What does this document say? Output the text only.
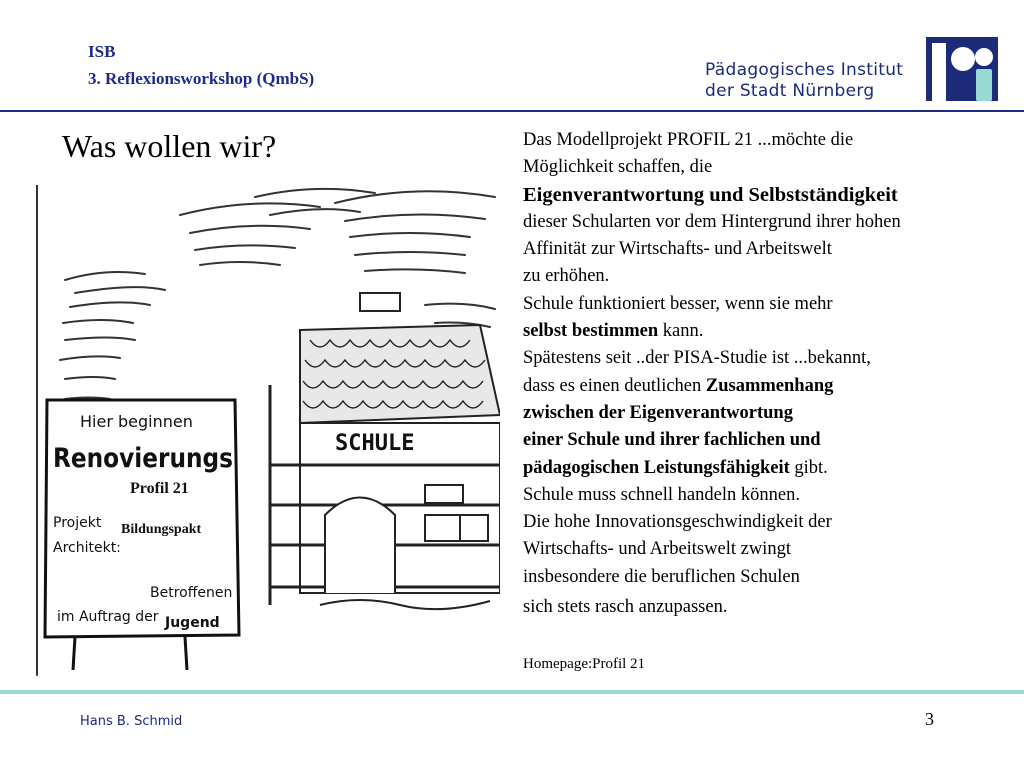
ISB
3. Reflexionsworkshop (QmbS)	Pädagogisches Institut
der Stadt Nürnberg
Was wollen wir?
SCHULE
Hier beginnen
Renovierungs
Projekt
Architekt:
Betroffenen
im Auftrag der Jugend
Profil 21
Bildungspakt
Das Modellprojekt PROFIL 21 ...möchte die
Möglichkeit schaffen, die
Eigenverantwortung und Selbstständigkeit
dieser Schularten vor dem Hintergrund ihrer hohen
Affinität zur Wirtschafts- und Arbeitswelt
zu erhöhen.
Schule funktioniert besser, wenn sie mehr
selbst bestimmen kann.
Spätestens seit ..der PISA-Studie ist ...bekannt,
dass es einen deutlichen Zusammenhang
zwischen der Eigenverantwortung
einer Schule und ihrer fachlichen und
pädagogischen Leistungsfähigkeit gibt.
Schule muss schnell handeln können.
Die hohe Innovationsgeschwindigkeit der
Wirtschafts- und Arbeitswelt zwingt
insbesondere die beruflichen Schulen
sich stets rasch anzupassen.
Homepage:Profil 21
Hans B. Schmid	3
